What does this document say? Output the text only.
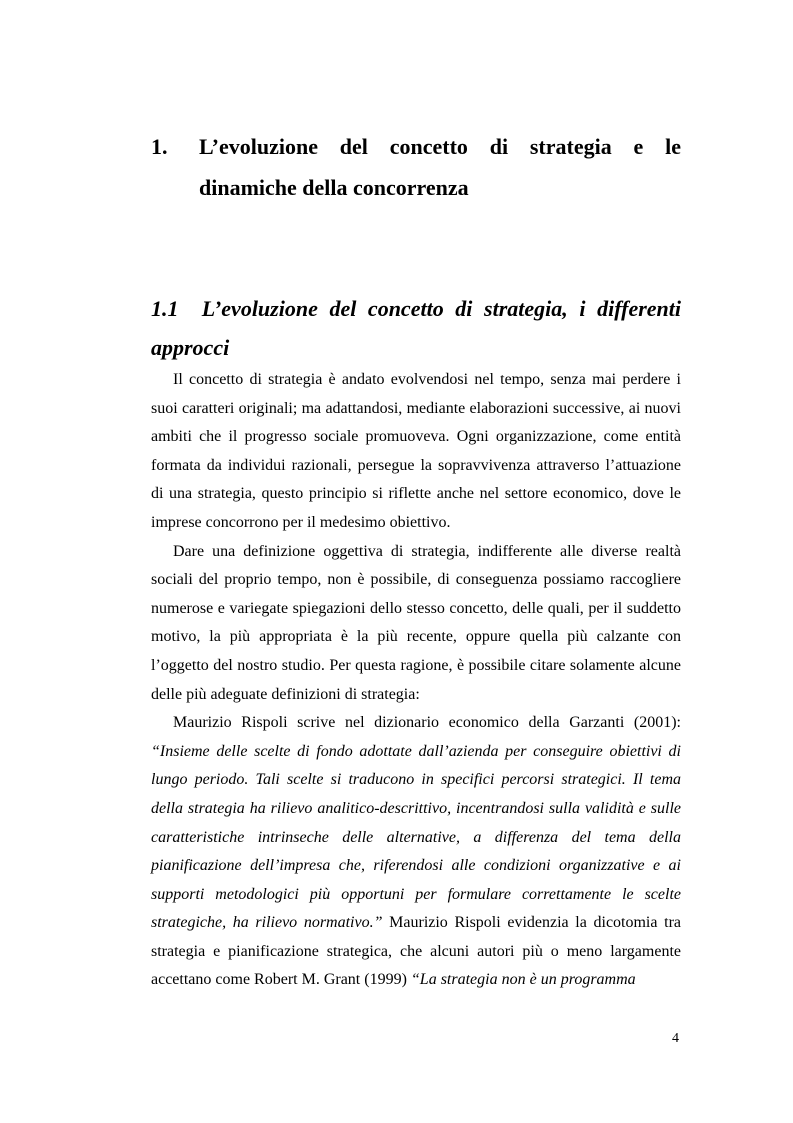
1. L’evoluzione del concetto di strategia e le
dinamiche della concorrenza
1.1 L’evoluzione del concetto di strategia, i differenti
approcci

Il concetto di strategia è andato evolvendosi nel tempo, senza mai perdere i suoi caratteri originali; ma adattandosi, mediante elaborazioni successive, ai nuovi ambiti che il progresso sociale promuoveva. Ogni organizzazione, come entità formata da individui razionali, persegue la sopravvivenza attraverso l’attuazione di una strategia, questo principio si riflette anche nel settore economico, dove le imprese concorrono per il medesimo obiettivo.

Dare una definizione oggettiva di strategia, indifferente alle diverse realtà sociali del proprio tempo, non è possibile, di conseguenza possiamo raccogliere numerose e variegate spiegazioni dello stesso concetto, delle quali, per il suddetto motivo, la più appropriata è la più recente, oppure quella più calzante con l’oggetto del nostro studio. Per questa ragione, è possibile citare solamente alcune delle più adeguate definizioni di strategia:

Maurizio Rispoli scrive nel dizionario economico della Garzanti (2001): “Insieme delle scelte di fondo adottate dall’azienda per conseguire obiettivi di lungo periodo. Tali scelte si traducono in specifici percorsi strategici. Il tema della strategia ha rilievo analitico-descrittivo, incentrandosi sulla validità e sulle caratteristiche intrinseche delle alternative, a differenza del tema della pianificazione dell’impresa che, riferendosi alle condizioni organizzative e ai supporti metodologici più opportuni per formulare correttamente le scelte strategiche, ha rilievo normativo.” Maurizio Rispoli evidenzia la dicotomia tra strategia e pianificazione strategica, che alcuni autori più o meno largamente accettano come Robert M. Grant (1999) “La strategia non è un programma

4
